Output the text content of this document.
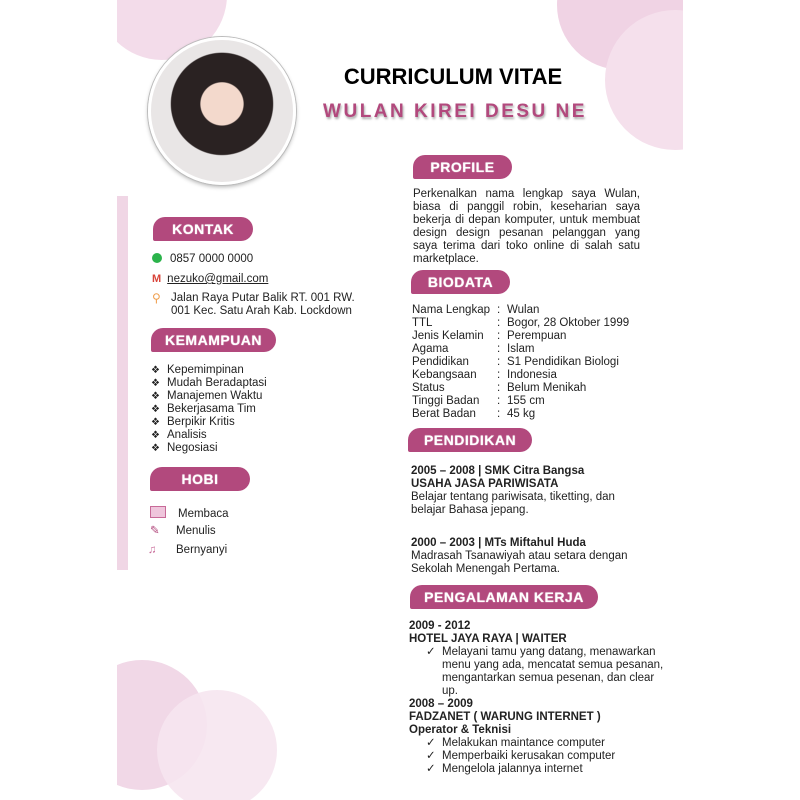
CURRICULUM VITAE
WULAN KIREI DESU NE
KONTAK
0857 0000 0000
M nezuko@gmail.com
⚲ Jalan Raya Putar Balik RT. 001 RW.
001 Kec. Satu Arah Kab. Lockdown
KEMAMPUAN
❖ Kepemimpinan
❖ Mudah Beradaptasi
❖ Manajemen Waktu
❖ Bekerjasama Tim
❖ Berpikir Kritis
❖ Analisis
❖ Negosiasi
HOBI
Membaca
✎ Menulis
♫ Bernyanyi
PROFILE
Perkenalkan nama lengkap saya Wulan, biasa di panggil robin, keseharian saya bekerja di depan komputer, untuk membuat design design pesanan pelanggan yang saya terima dari toko online di salah satu marketplace.
BIODATA
Nama Lengkap : Wulan
TTL	: Bogor, 28 Oktober 1999
Jenis Kelamin	: Perempuan
Agama	: Islam
Pendidikan	: S1 Pendidikan Biologi
Kebangsaan	: Indonesia
Status	: Belum Menikah
Tinggi Badan	: 155 cm
Berat Badan	: 45 kg
PENDIDIKAN
2005 – 2008 | SMK Citra Bangsa
USAHA JASA PARIWISATA
Belajar tentang pariwisata, tiketting, dan
belajar Bahasa jepang.
2000 – 2003 | MTs Miftahul Huda
Madrasah Tsanawiyah atau setara dengan
Sekolah Menengah Pertama.
PENGALAMAN KERJA
2009 - 2012
HOTEL JAYA RAYA | WAITER
✓ Melayani tamu yang datang, menawarkan
menu yang ada, mencatat semua pesanan,
mengantarkan semua pesenan, dan clear
up.
2008 – 2009
FADZANET ( WARUNG INTERNET )
Operator & Teknisi
✓ Melakukan maintance computer
✓ Memperbaiki kerusakan computer
✓ Mengelola jalannya internet
